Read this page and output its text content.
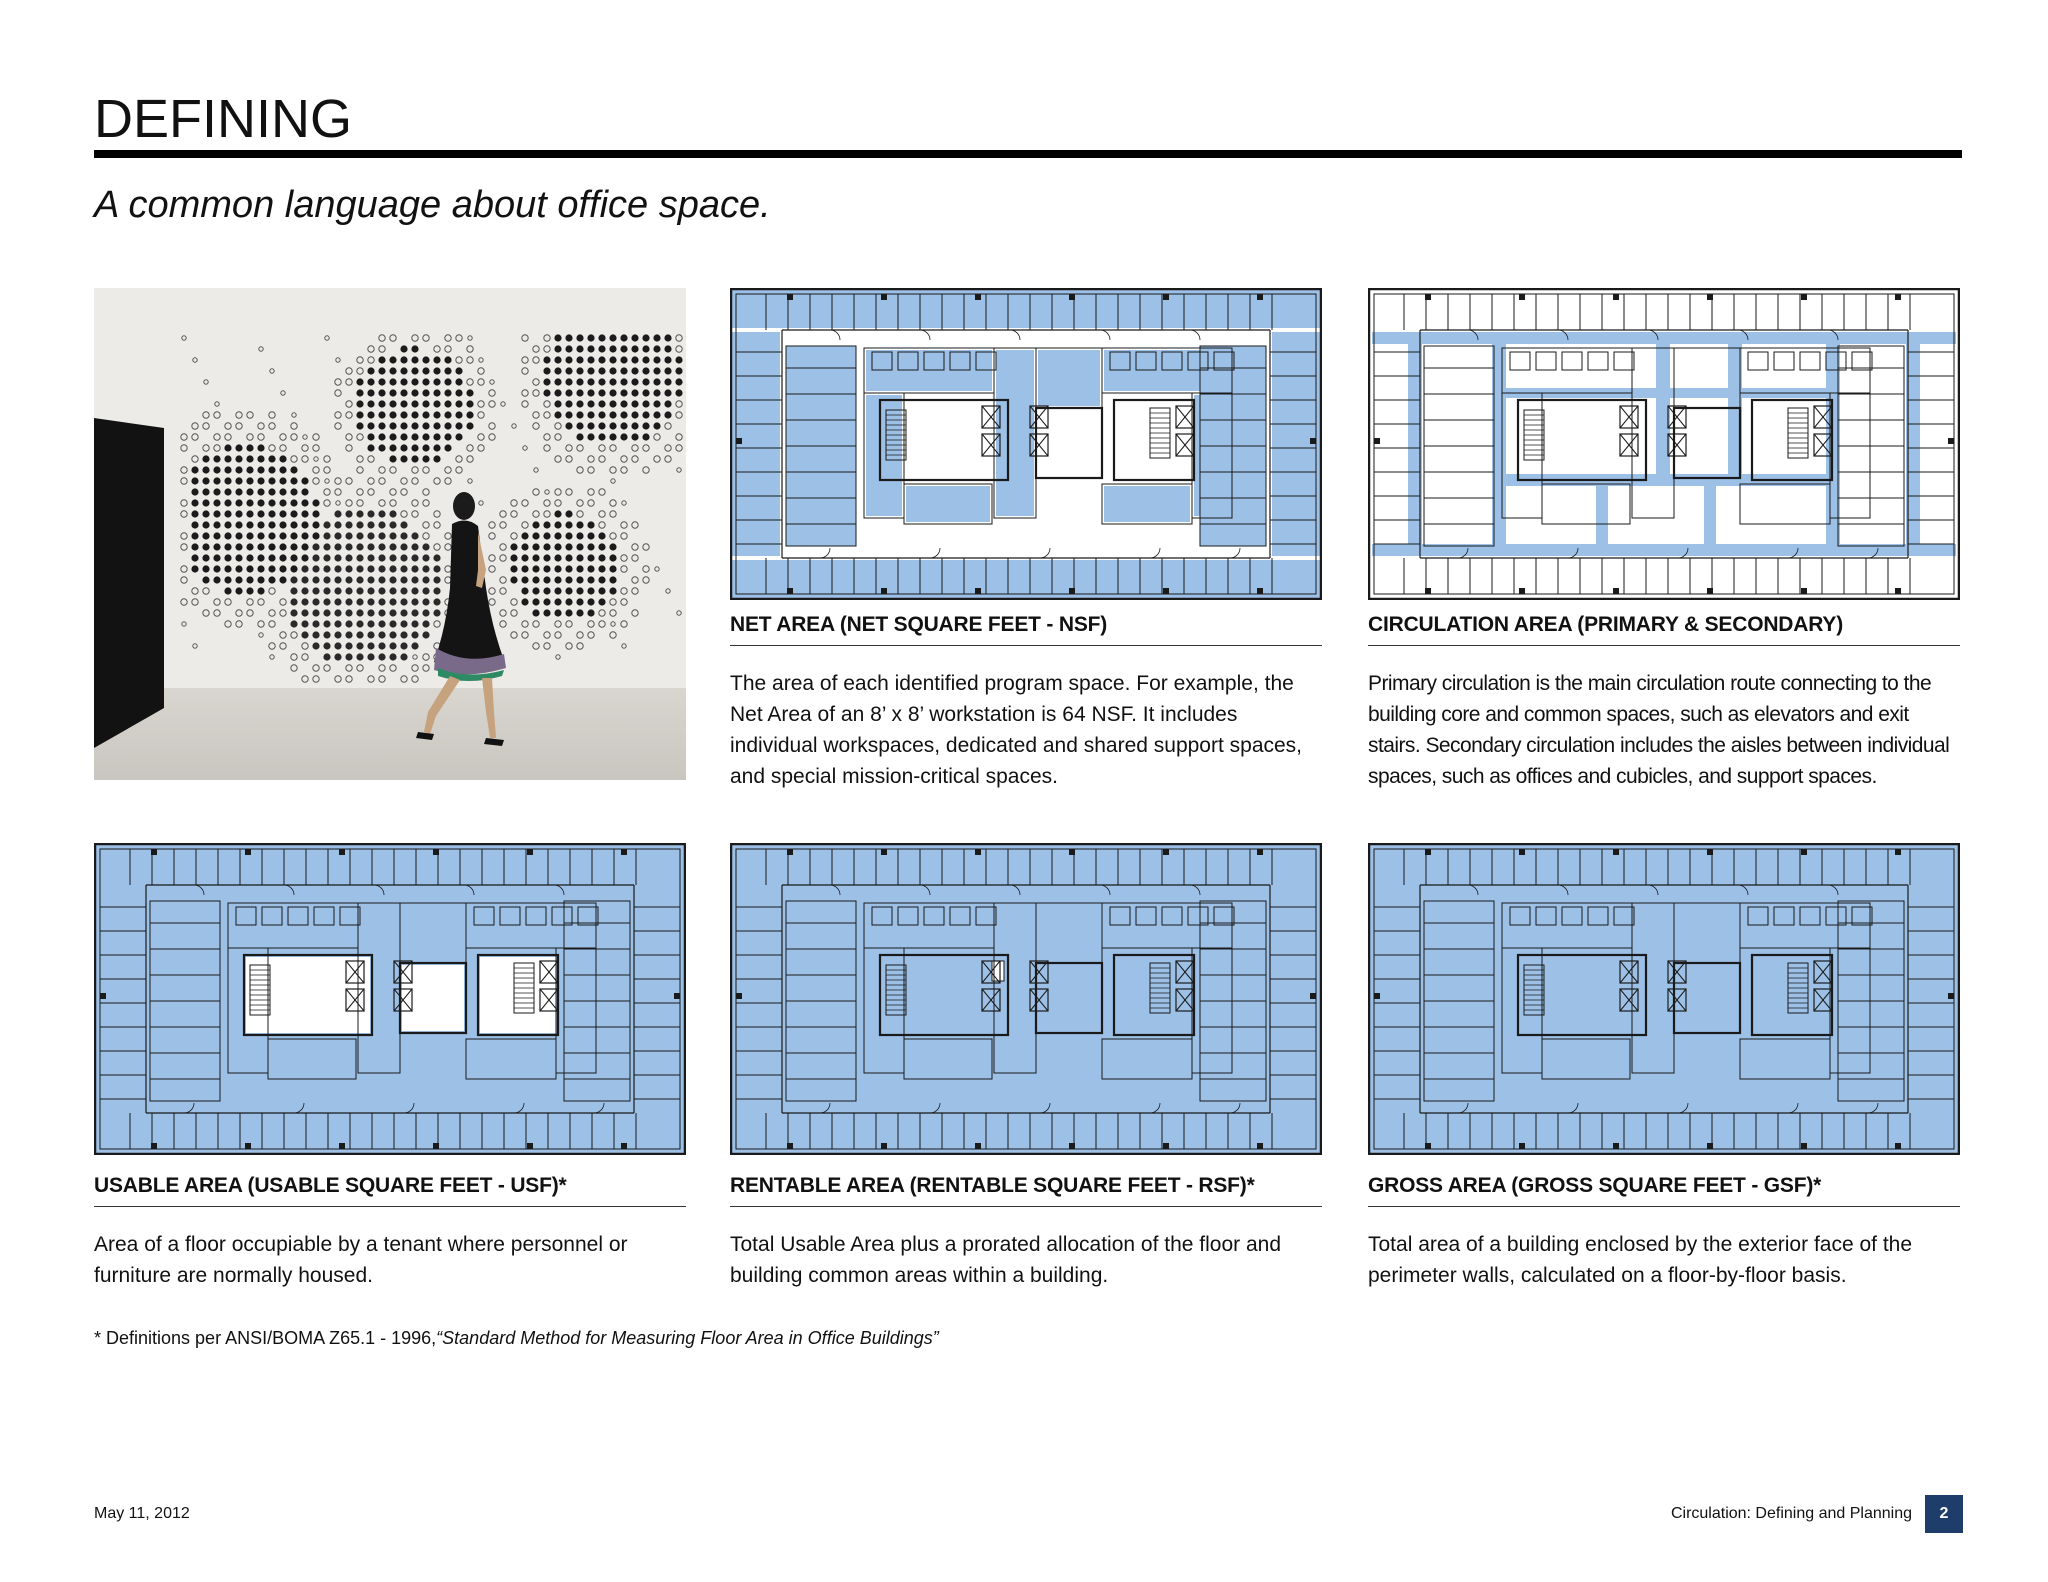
DEFINING
A common language about office space.
NET AREA (NET SQUARE FEET - NSF)
The area of each identified program space. For example, the Net Area of an 8’ x 8’ workstation is 64 NSF. It includes individual workspaces, dedicated and shared support spaces, and special mission-critical spaces.
CIRCULATION AREA (PRIMARY & SECONDARY)
Primary circulation is the main circulation route connecting to the building core and common spaces, such as elevators and exit stairs. Secondary circulation includes the aisles between individual spaces, such as offices and cubicles, and support spaces.
USABLE AREA (USABLE SQUARE FEET - USF)*
Area of a floor occupiable by a tenant where personnel or furniture are normally housed.
RENTABLE AREA (RENTABLE SQUARE FEET - RSF)*
Total Usable Area plus a prorated allocation of the floor and building common areas within a building.
GROSS AREA (GROSS SQUARE FEET - GSF)*
Total area of a building enclosed by the exterior face of the perimeter walls, calculated on a floor-by-floor basis.
* Definitions per ANSI/BOMA Z65.1 - 1996,“Standard Method for Measuring Floor Area in Office Buildings”
May 11, 2012	Circulation: Defining and Planning	2
